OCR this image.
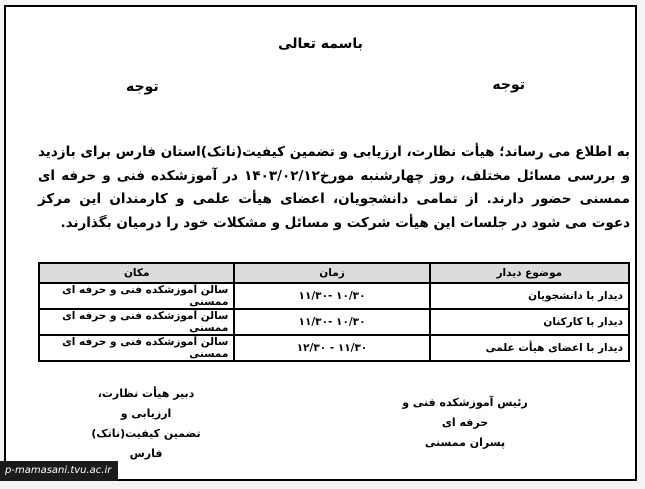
باسمه تعالی
توجه
توجه
به اطلاع می رساند؛ هیأت نظارت، ارزیابی و تضمین کیفیت(ناتک)استان فارس برای بازدید و بررسی مسائل مختلف، روز چهارشنبه مورخ۱۴۰۳/۰۲/۱۲ در آموزشکده فنی و حرفه ای ممسنی حضور دارند. از تمامی دانشجویان، اعضای هیأت علمی و کارمندان این مرکز دعوت می شود در جلسات این هیأت شرکت و مسائل و مشکلات خود را درمیان بگذارند.
موضوع دیدار	زمان	مکان
دیدار با دانشجویان	۱۰/۳۰ -۱۱/۳۰	سالن آموزشکده فنی و حرفه ای ممسنی
دیدار با کارکنان	۱۰/۳۰ -۱۱/۳۰	سالن آموزشکده فنی و حرفه ای ممسنی
دیدار با اعضای هیأت علمی	۱۱/۳۰ - ۱۲/۳۰	سالن آموزشکده فنی و حرفه ای ممسنی
رئیس آموزشکده فنی و حرفه ای
پسران ممسنی
دبیر هیأت نظارت، ارزیابی و
تضمین کیفیت(ناتک) فارس
p-mamasani.tvu.ac.ir
